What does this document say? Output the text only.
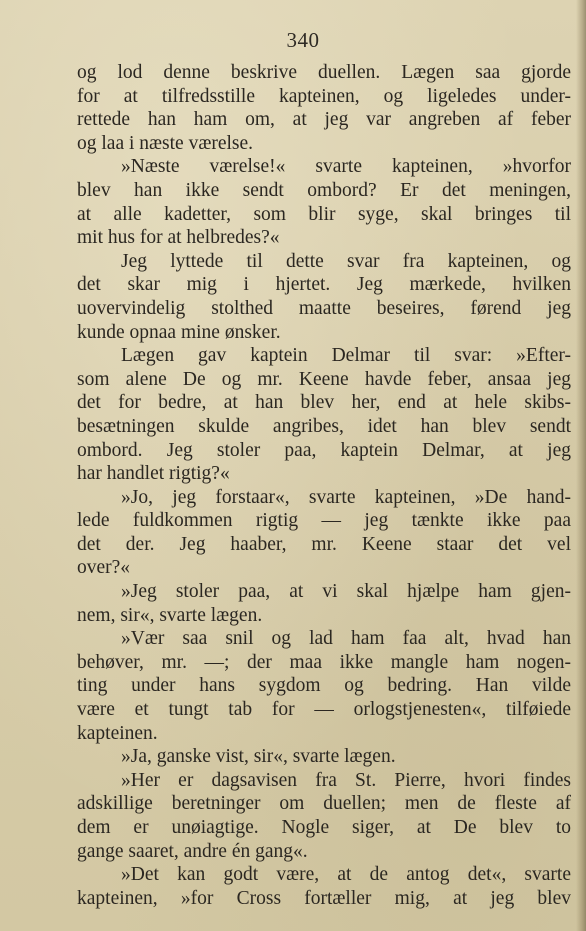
340
og lod denne beskrive duellen. Lægen saa gjorde
for at tilfredsstille kapteinen, og ligeledes under-
rettede han ham om, at jeg var angreben af feber
og laa i næste værelse.
»Næste værelse!« svarte kapteinen, »hvorfor
blev han ikke sendt ombord? Er det meningen,
at alle kadetter, som blir syge, skal bringes til
mit hus for at helbredes?«
Jeg lyttede til dette svar fra kapteinen, og
det skar mig i hjertet. Jeg mærkede, hvilken
uovervindelig stolthed maatte beseires, førend jeg
kunde opnaa mine ønsker.
Lægen gav kaptein Delmar til svar: »Efter-
som alene De og mr. Keene havde feber, ansaa jeg
det for bedre, at han blev her, end at hele skibs-
besætningen skulde angribes, idet han blev sendt
ombord. Jeg stoler paa, kaptein Delmar, at jeg
har handlet rigtig?«
»Jo, jeg forstaar«, svarte kapteinen, »De hand-
lede fuldkommen rigtig — jeg tænkte ikke paa
det der. Jeg haaber, mr. Keene staar det vel
over?«
»Jeg stoler paa, at vi skal hjælpe ham gjen-
nem, sir«, svarte lægen.
»Vær saa snil og lad ham faa alt, hvad han
behøver, mr. —; der maa ikke mangle ham nogen-
ting under hans sygdom og bedring. Han vilde
være et tungt tab for — orlogstjenesten«, tilføiede
kapteinen.
»Ja, ganske vist, sir«, svarte lægen.
»Her er dagsavisen fra St. Pierre, hvori findes
adskillige beretninger om duellen; men de fleste af
dem er unøiagtige. Nogle siger, at De blev to
gange saaret, andre én gang«.
»Det kan godt være, at de antog det«, svarte
kapteinen, »for Cross fortæller mig, at jeg blev
